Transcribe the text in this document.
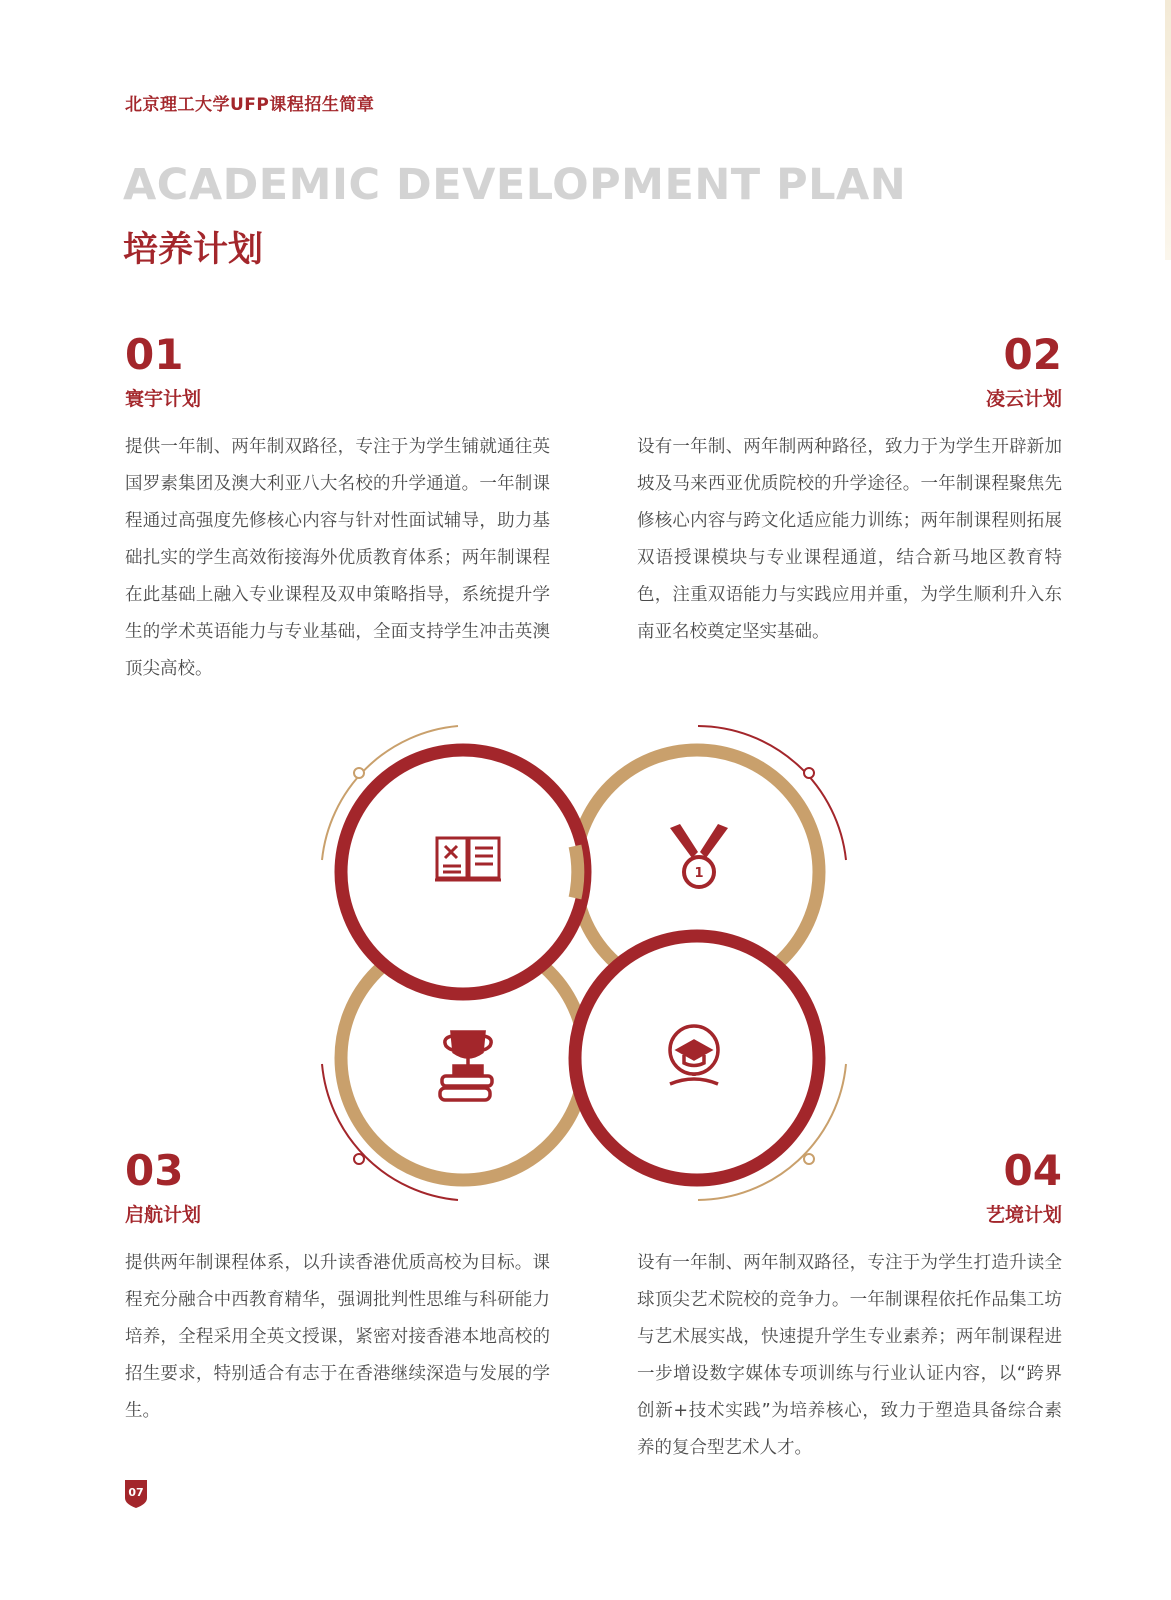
北京理工大学UFP课程招生简章
ACADEMIC DEVELOPMENT PLAN
培养计划
01
寰宇计划
提供一年制、两年制双路径，专注于为学生铺就通往英国罗素集团及澳大利亚八大名校的升学通道。一年制课程通过高强度先修核心内容与针对性面试辅导，助力基础扎实的学生高效衔接海外优质教育体系；两年制课程在此基础上融入专业课程及双申策略指导，系统提升学生的学术英语能力与专业基础，全面支持学生冲击英澳顶尖高校。
02
凌云计划
设有一年制、两年制两种路径，致力于为学生开辟新加坡及马来西亚优质院校的升学途径。一年制课程聚焦先修核心内容与跨文化适应能力训练；两年制课程则拓展双语授课模块与专业课程通道，结合新马地区教育特色，注重双语能力与实践应用并重，为学生顺利升入东南亚名校奠定坚实基础。
03
启航计划
提供两年制课程体系，以升读香港优质高校为目标。课程充分融合中西教育精华，强调批判性思维与科研能力培养，全程采用全英文授课，紧密对接香港本地高校的招生要求，特别适合有志于在香港继续深造与发展的学生。
04
艺境计划
设有一年制、两年制双路径，专注于为学生打造升读全球顶尖艺术院校的竞争力。一年制课程依托作品集工坊与艺术展实战，快速提升学生专业素养；两年制课程进一步增设数字媒体专项训练与行业认证内容，以“跨界创新+技术实践”为培养核心，致力于塑造具备综合素养的复合型艺术人才。
1
07
